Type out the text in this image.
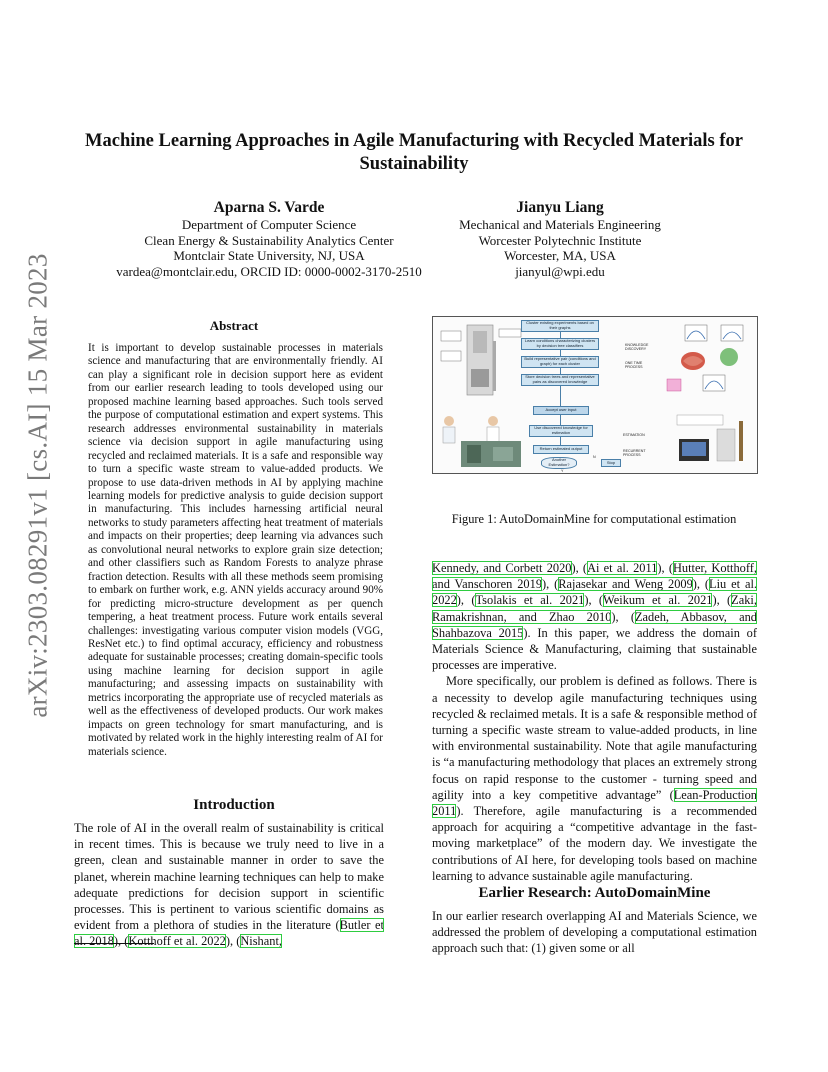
arXiv:2303.08291v1 [cs.AI] 15 Mar 2023
Machine Learning Approaches in Agile Manufacturing with Recycled Materials for Sustainability
Aparna S. Varde
Department of Computer Science
Clean Energy & Sustainability Analytics Center
Montclair State University, NJ, USA
vardea@montclair.edu, ORCID ID: 0000-0002-3170-2510
Jianyu Liang
Mechanical and Materials Engineering
Worcester Polytechnic Institute
Worcester, MA, USA
jianyul@wpi.edu
Abstract
It is important to develop sustainable processes in materials science and manufacturing that are environmentally friendly. AI can play a significant role in decision support here as evident from our earlier research leading to tools developed using our proposed machine learning based approaches. Such tools served the purpose of computational estimation and expert systems. This research addresses environmental sustainability in materials science via decision support in agile manufacturing using recycled and reclaimed materials. It is a safe and responsible way to turn a specific waste stream to value-added products. We propose to use data-driven methods in AI by applying machine learning models for predictive analysis to guide decision support in manufacturing. This includes harnessing artificial neural networks to study parameters affecting heat treatment of materials and impacts on their properties; deep learning via advances such as convolutional neural networks to explore grain size detection; and other classifiers such as Random Forests to analyze phrase fraction detection. Results with all these methods seem promising to embark on further work, e.g. ANN yields accuracy around 90% for predicting micro-structure development as per quench tempering, a heat treatment process. Future work entails several challenges: investigating various computer vision models (VGG, ResNet etc.) to find optimal accuracy, efficiency and robustness adequate for sustainable processes; creating domain-specific tools using machine learning for decision support in agile manufacturing; and assessing impacts on sustainability with metrics incorporating the appropriate use of recycled materials as well as the effectiveness of developed products. Our work makes impacts on green technology for smart manufacturing, and is motivated by related work in the highly interesting realm of AI for materials science.
Introduction

The role of AI in the overall realm of sustainability is critical in recent times. This is because we truly need to live in a green, clean and sustainable manner in order to save the planet, wherein machine learning techniques can help to make adequate predictions for decision support in scientific processes. This is pertinent to various scientific domains as evident from a plethora of studies in the literature (Butler et al. 2018), (Kotthoff et al. 2022), (Nishant,

Cluster existing experiments based on their graphs
Learn conditions characterizing clusters by decision tree classifiers
Build representative pair (conditions and graph) for each cluster
Store decision trees and representative pairs as discovered knowledge
Accept user input
Use discovered knowledge for estimation
Return estimated output
Another Estimation?	Stop
N
Y
KNOWLEDGE DISCOVERY
ONE TIME PROCESS
ESTIMATION
RECURRENT PROCESS
Figure 1: AutoDomainMine for computational estimation

Kennedy, and Corbett 2020), (Ai et al. 2011), (Hutter, Kotthoff, and Vanschoren 2019), (Rajasekar and Weng 2009), (Liu et al. 2022), (Tsolakis et al. 2021), (Weikum et al. 2021), (Zaki, Ramakrishnan, and Zhao 2010), (Zadeh, Abbasov, and Shahbazova 2015). In this paper, we address the domain of Materials Science & Manufacturing, claiming that sustainable processes are imperative.

More specifically, our problem is defined as follows. There is a necessity to develop agile manufacturing techniques using recycled & reclaimed metals. It is a safe & responsible method of turning a specific waste stream to value-added products, in line with environmental sustainability. Note that agile manufacturing is “a manufacturing methodology that places an extremely strong focus on rapid response to the customer - turning speed and agility into a key competitive advantage” (Lean-Production 2011). Therefore, agile manufacturing is a recommended approach for acquiring a “competitive advantage in the fast-moving marketplace” of the modern day. We investigate the contributions of AI here, for developing tools based on machine learning to advance sustainable agile manufacturing.

Earlier Research: AutoDomainMine

In our earlier research overlapping AI and Materials Science, we addressed the problem of developing a computational estimation approach such that: (1) given some or all
